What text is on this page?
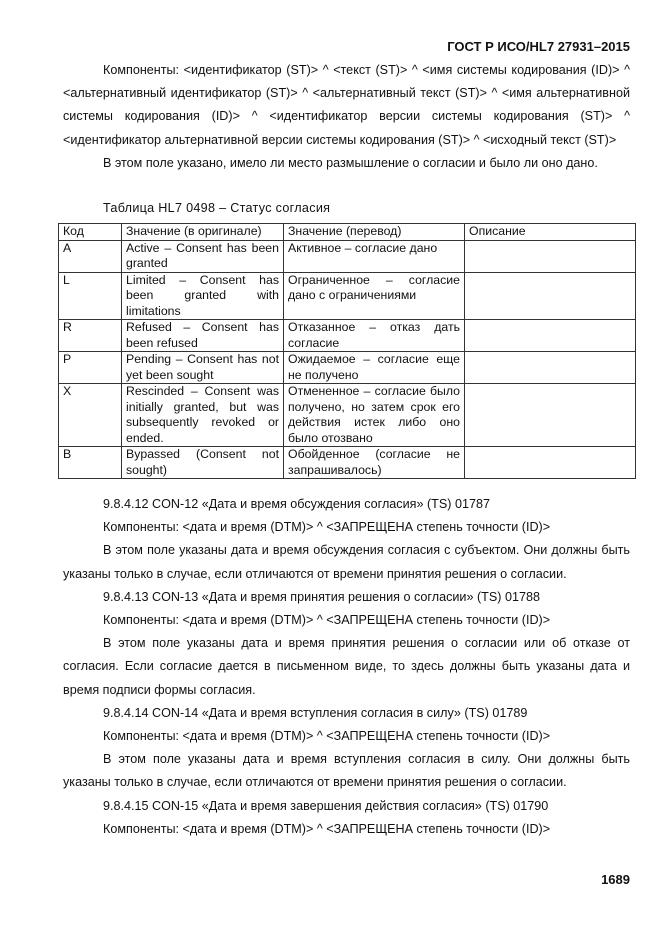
ГОСТ Р ИСО/HL7 27931–2015

Компоненты: <идентификатор (ST)> ^ <текст (ST)> ^ <имя системы кодирования (ID)> ^ <альтернативный идентификатор (ST)> ^ <альтернативный текст (ST)> ^ <имя альтернативной системы кодирования (ID)> ^ <идентификатор версии системы кодирования (ST)> ^ <идентификатор альтернативной версии системы кодирования (ST)> ^ <исходный текст (ST)>

В этом поле указано, имело ли место размышление о согласии и было ли оно дано.

Таблица HL7 0498 – Статус согласия
Код	Значение (в оригинале)	Значение (перевод)	Описание
A	Active – Consent has been granted	Активное – согласие дано	
L	Limited – Consent has been granted with limitations	Ограниченное – согласие дано с ограничениями	
R	Refused – Consent has been refused	Отказанное – отказ дать согласие	
P	Pending – Consent has not yet been sought	Ожидаемое – согласие еще не получено	
X	Rescinded – Consent was initially granted, but was subsequently revoked or ended.	Отмененное – согласие было получено, но затем срок его действия истек либо оно было отозвано	
B	Bypassed (Consent not sought)	Обойденное (согласие не запрашивалось)	

9.8.4.12 CON-12 «Дата и время обсуждения согласия» (TS) 01787

Компоненты: <дата и время (DTM)> ^ <ЗАПРЕЩЕНА степень точности (ID)>

В этом поле указаны дата и время обсуждения согласия с субъектом. Они должны быть указаны только в случае, если отличаются от времени принятия решения о согласии.

9.8.4.13 CON-13 «Дата и время принятия решения о согласии» (TS) 01788

Компоненты: <дата и время (DTM)> ^ <ЗАПРЕЩЕНА степень точности (ID)>

В этом поле указаны дата и время принятия решения о согласии или об отказе от согласия. Если согласие дается в письменном виде, то здесь должны быть указаны дата и время подписи формы согласия.

9.8.4.14 CON-14 «Дата и время вступления согласия в силу» (TS) 01789

Компоненты: <дата и время (DTM)> ^ <ЗАПРЕЩЕНА степень точности (ID)>

В этом поле указаны дата и время вступления согласия в силу. Они должны быть указаны только в случае, если отличаются от времени принятия решения о согласии.

9.8.4.15 CON-15 «Дата и время завершения действия согласия» (TS) 01790

Компоненты: <дата и время (DTM)> ^ <ЗАПРЕЩЕНА степень точности (ID)>

1689
